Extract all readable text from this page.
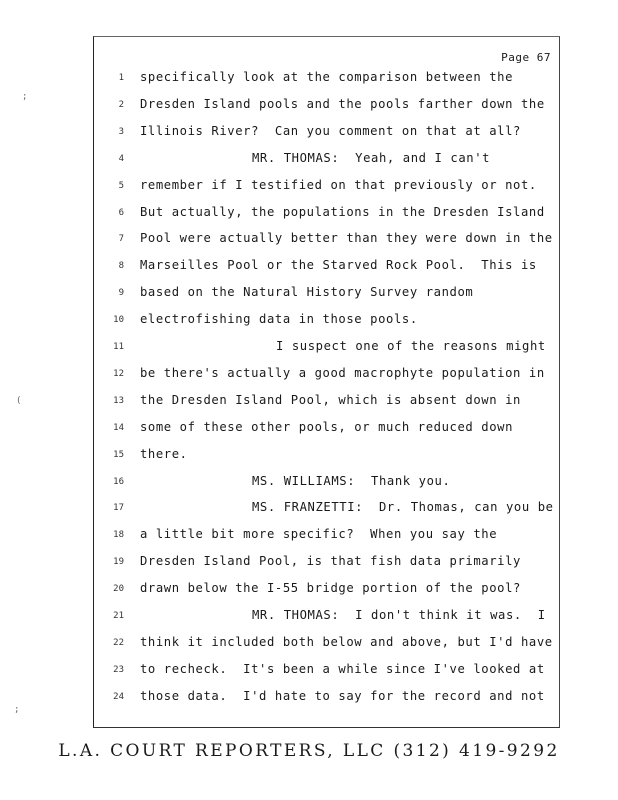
Page 67
1 specifically look at the comparison between the
2 Dresden Island pools and the pools farther down the
3 Illinois River?  Can you comment on that at all?
4	MR. THOMAS:  Yeah, and I can't
5 remember if I testified on that previously or not.
6 But actually, the populations in the Dresden Island
7 Pool were actually better than they were down in the
8 Marseilles Pool or the Starved Rock Pool.  This is
9 based on the Natural History Survey random
10 electrofishing data in those pools.
11	I suspect one of the reasons might
12 be there's actually a good macrophyte population in
13 the Dresden Island Pool, which is absent down in
14 some of these other pools, or much reduced down
15 there.
16	MS. WILLIAMS:  Thank you.
17	MS. FRANZETTI:  Dr. Thomas, can you be
18 a little bit more specific?  When you say the
19 Dresden Island Pool, is that fish data primarily
20 drawn below the I-55 bridge portion of the pool?
21	MR. THOMAS:  I don't think it was.  I
22 think it included both below and above, but I'd have
23 to recheck.  It's been a while since I've looked at
24 those data.  I'd hate to say for the record and not
;
(
;
L.A. COURT REPORTERS, LLC (312) 419-9292
